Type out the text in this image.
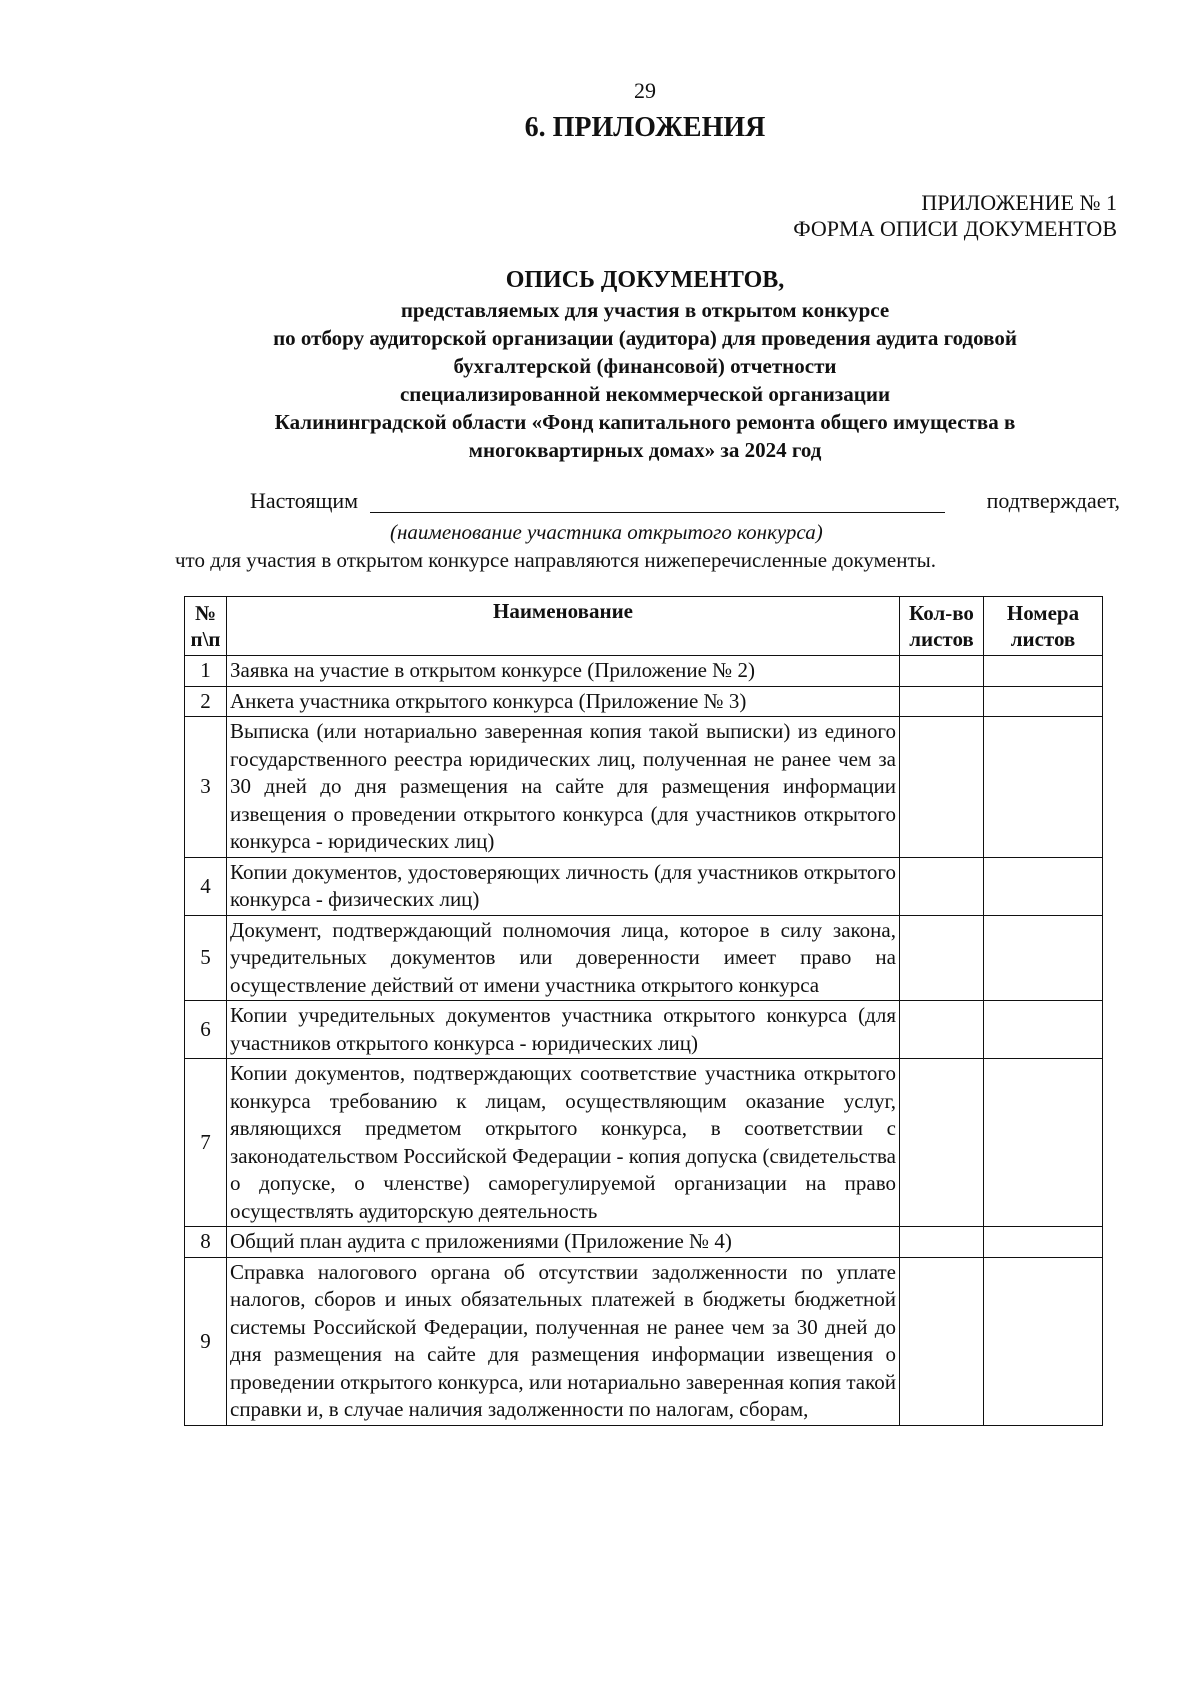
29
6. ПРИЛОЖЕНИЯ
ПРИЛОЖЕНИЕ № 1
ФОРМА ОПИСИ ДОКУМЕНТОВ
ОПИСЬ ДОКУМЕНТОВ,
представляемых для участия в открытом конкурсе
по отбору аудиторской организации (аудитора) для проведения аудита годовой
бухгалтерской (финансовой) отчетности
специализированной некоммерческой организации
Калининградской области «Фонд капитального ремонта общего имущества в
многоквартирных домах» за 2024 год
Настоящим	подтверждает,
(наименование участника открытого конкурса)
что для участия в открытом конкурсе направляются нижеперечисленные документы.
№ п\п	Наименование	Кол-во листов	Номера листов
1	Заявка на участие в открытом конкурсе (Приложение № 2)		
2	Анкета участника открытого конкурса (Приложение № 3)		
3	Выписка (или нотариально заверенная копия такой выписки) из единого государственного реестра юридических лиц, полученная не ранее чем за 30 дней до дня размещения на сайте для размещения информации извещения о проведении открытого конкурса (для участников открытого конкурса - юридических лиц)		
4	Копии документов, удостоверяющих личность (для участников открытого конкурса - физических лиц)		
5	Документ, подтверждающий полномочия лица, которое в силу закона, учредительных документов или доверенности имеет право на осуществление действий от имени участника открытого конкурса		
6	Копии учредительных документов участника открытого конкурса (для участников открытого конкурса - юридических лиц)		
7	Копии документов, подтверждающих соответствие участника открытого конкурса требованию к лицам, осуществляющим оказание услуг, являющихся предметом открытого конкурса, в соответствии с законодательством Российской Федерации - копия допуска (свидетельства о допуске, о членстве) саморегулируемой организации на право осуществлять аудиторскую деятельность		
8	Общий план аудита с приложениями (Приложение № 4)		
9	Справка налогового органа об отсутствии задолженности по уплате налогов, сборов и иных обязательных платежей в бюджеты бюджетной системы Российской Федерации, полученная не ранее чем за 30 дней до дня размещения на сайте для размещения информации извещения о проведении открытого конкурса, или нотариально заверенная копия такой справки и, в случае наличия задолженности по налогам, сборам,		
